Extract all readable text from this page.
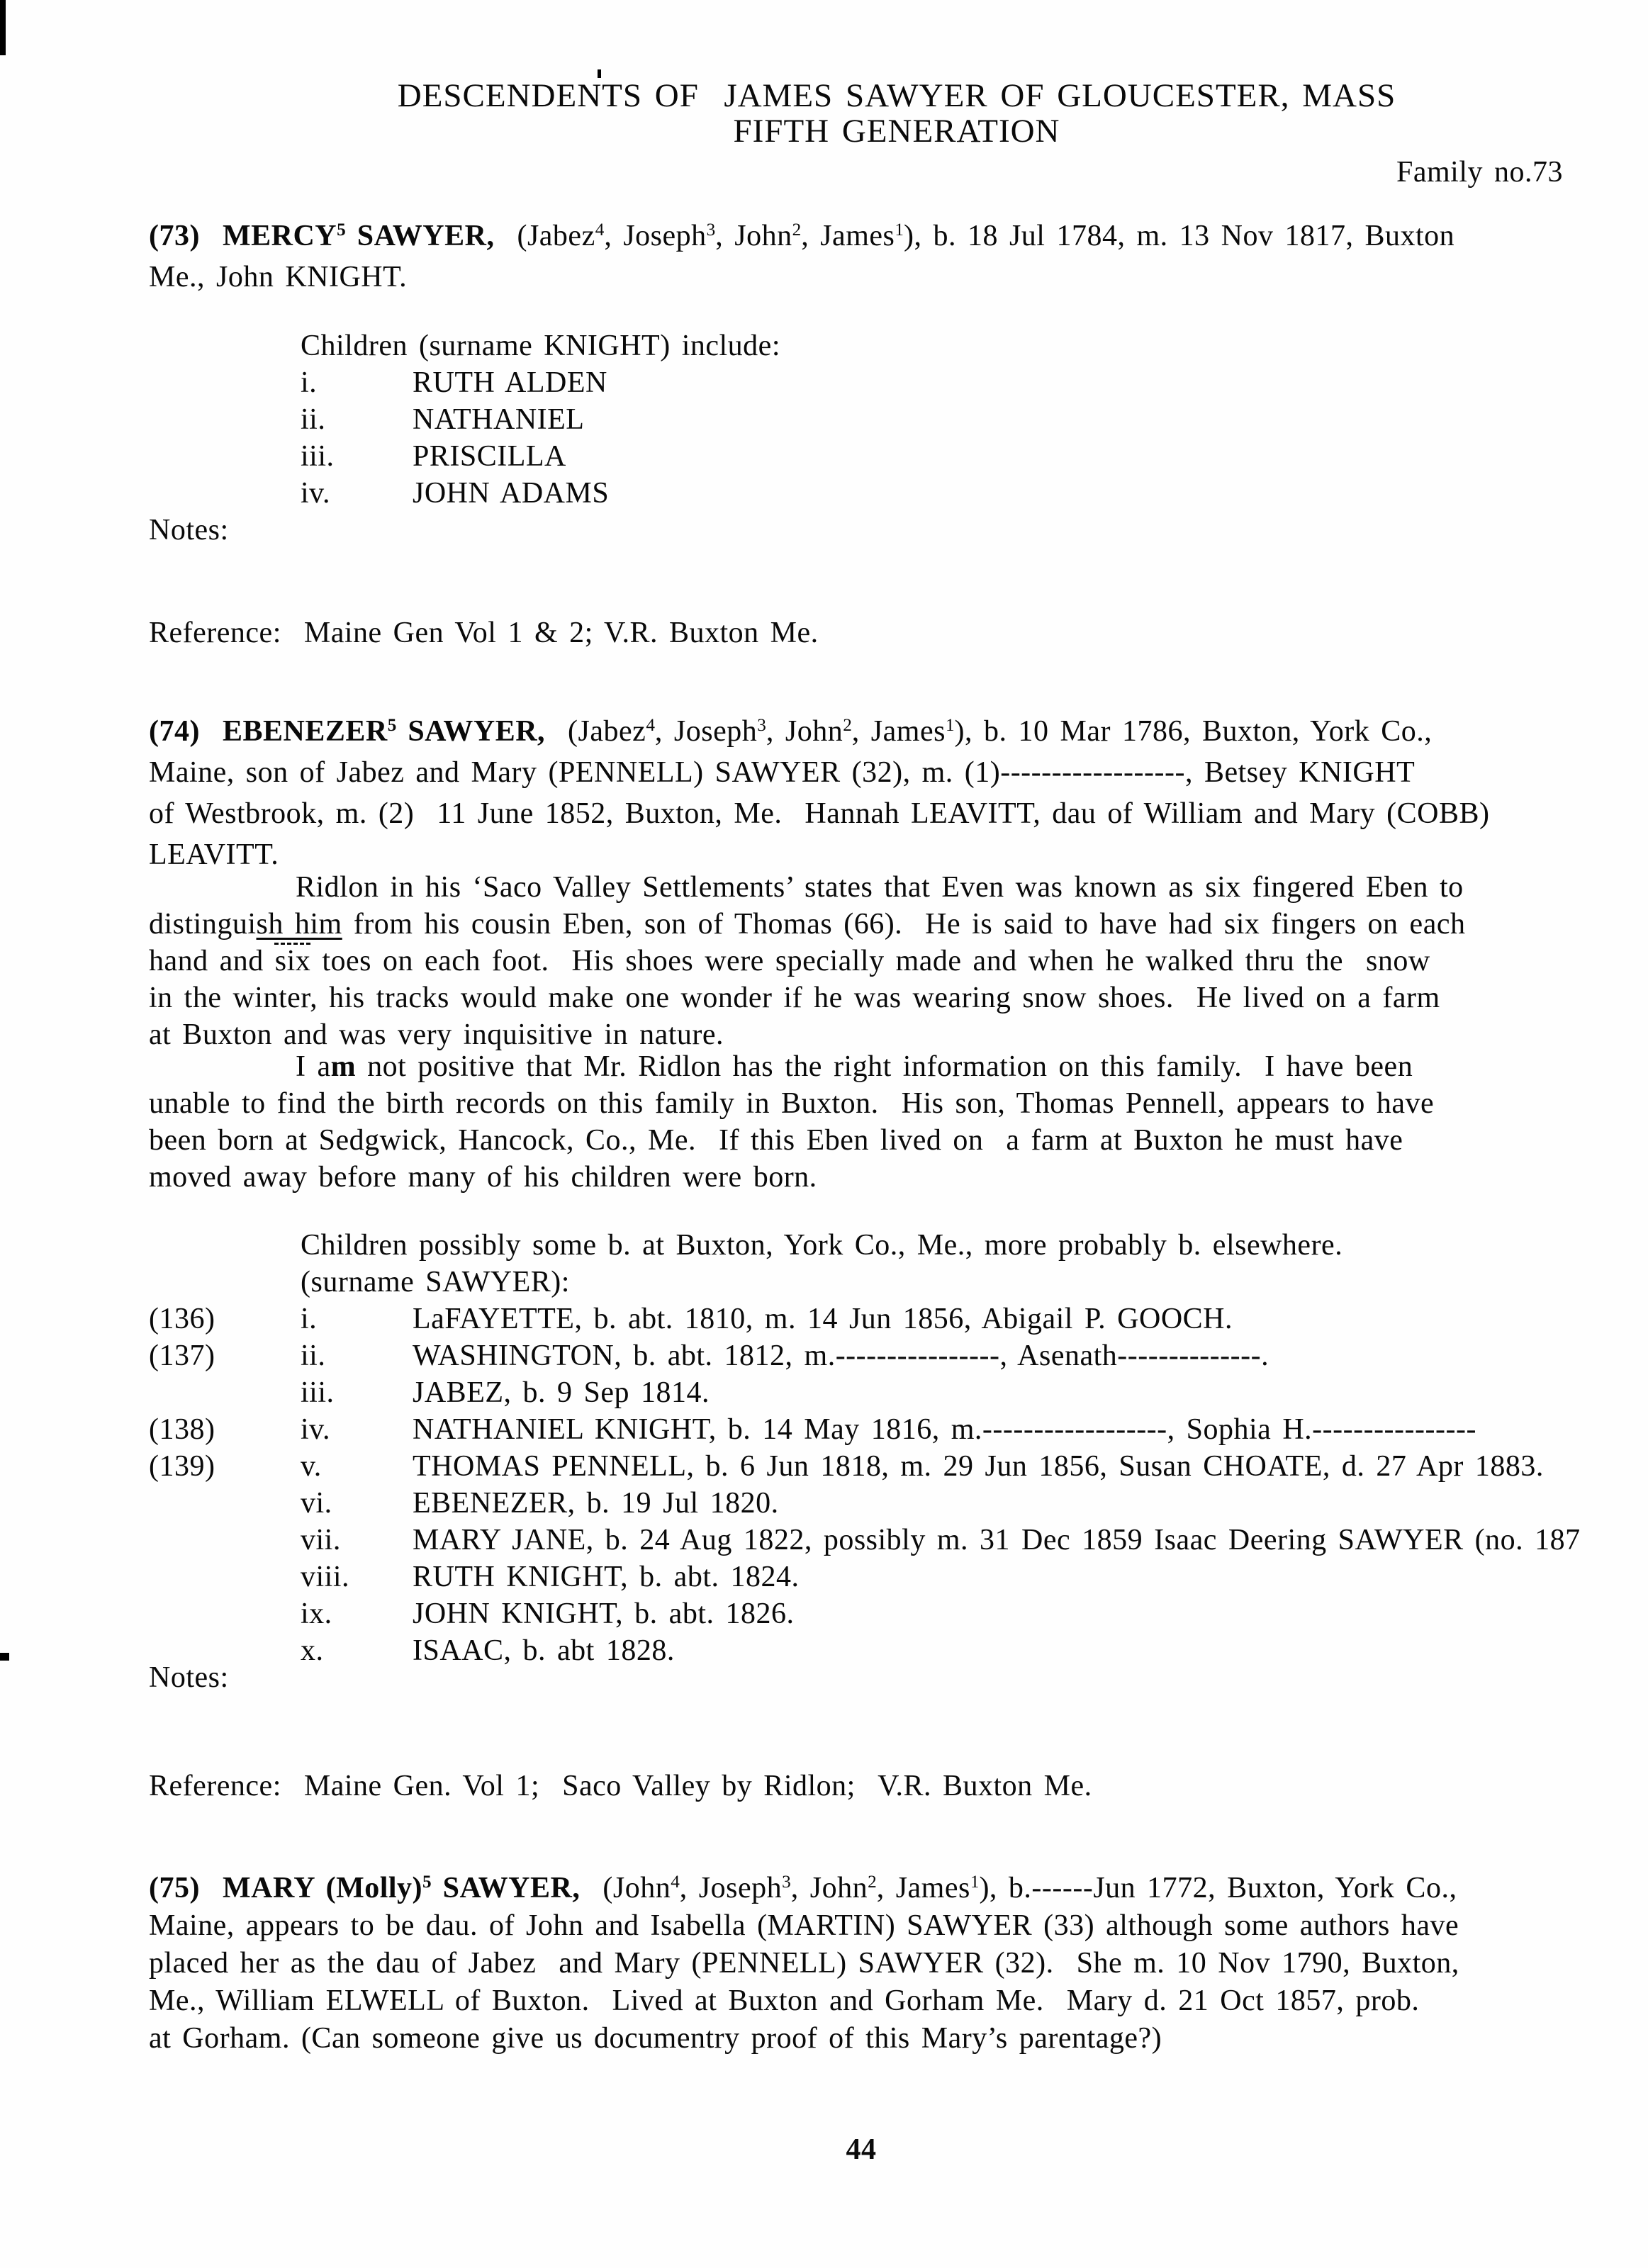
DESCENDENTS OF  JAMES SAWYER OF GLOUCESTER, MASS
FIFTH GENERATION
Family no.73
(73)  MERCY$^5$ SAWYER,  (Jabez$^4$, Joseph$^3$, John$^2$, James$^1$), b. 18 Jul 1784, m. 13 Nov 1817, Buxton
Me., John KNIGHT.
Children (surname KNIGHT) include:
i.	RUTH ALDEN
ii.	NATHANIEL
iii.	PRISCILLA
iv.	JOHN ADAMS
Notes:
Reference:  Maine Gen Vol 1 & 2; V.R. Buxton Me.
(74)  EBENEZER$^5$ SAWYER,  (Jabez$^4$, Joseph$^3$, John$^2$, James$^1$), b. 10 Mar 1786, Buxton, York Co.,
Maine, son of Jabez and Mary (PENNELL) SAWYER (32), m. (1)------------------, Betsey KNIGHT
of Westbrook, m. (2)  11 June 1852, Buxton, Me.  Hannah LEAVITT, dau of William and Mary (COBB)
LEAVITT.
Ridlon in his ‘Saco Valley Settlements’ states that Even was known as six fingered Eben to
distinguish him from his cousin Eben, son of Thomas (66).  He is said to have had six fingers on each
hand and six toes on each foot.  His shoes were specially made and when he walked thru the  snow
in the winter, his tracks would make one wonder if he was wearing snow shoes.  He lived on a farm
at Buxton and was very inquisitive in nature.
I am not positive that Mr. Ridlon has the right information on this family.  I have been
unable to find the birth records on this family in Buxton.  His son, Thomas Pennell, appears to have
been born at Sedgwick, Hancock, Co., Me.  If this Eben lived on  a farm at Buxton he must have
moved away before many of his children were born.
Children possibly some b. at Buxton, York Co., Me., more probably b. elsewhere.
(surname SAWYER):
(136)	i.	LaFAYETTE, b. abt. 1810, m. 14 Jun 1856, Abigail P. GOOCH.
(137)	ii.	WASHINGTON, b. abt. 1812, m.----------------, Asenath--------------.
iii.	JABEZ, b. 9 Sep 1814.
(138)	iv.	NATHANIEL KNIGHT, b. 14 May 1816, m.------------------, Sophia H.----------------
(139)	v.	THOMAS PENNELL, b. 6 Jun 1818, m. 29 Jun 1856, Susan CHOATE, d. 27 Apr 1883.
vi.	EBENEZER, b. 19 Jul 1820.
vii. MARY JANE, b. 24 Aug 1822, possibly m. 31 Dec 1859 Isaac Deering SAWYER (no. 187
viii. RUTH KNIGHT, b. abt. 1824.
ix.	JOHN KNIGHT, b. abt. 1826.
x.	ISAAC, b. abt 1828.
Notes:
Reference:  Maine Gen. Vol 1;  Saco Valley by Ridlon;  V.R. Buxton Me.
(75)  MARY (Molly)$^5$ SAWYER,  (John$^4$, Joseph$^3$, John$^2$, James$^1$), b.------Jun 1772, Buxton, York Co.,
Maine, appears to be dau. of John and Isabella (MARTIN) SAWYER (33) although some authors have
placed her as the dau of Jabez  and Mary (PENNELL) SAWYER (32).  She m. 10 Nov 1790, Buxton,
Me., William ELWELL of Buxton.  Lived at Buxton and Gorham Me.  Mary d. 21 Oct 1857, prob.
at Gorham. (Can someone give us documentry proof of this Mary’s parentage?)
44
